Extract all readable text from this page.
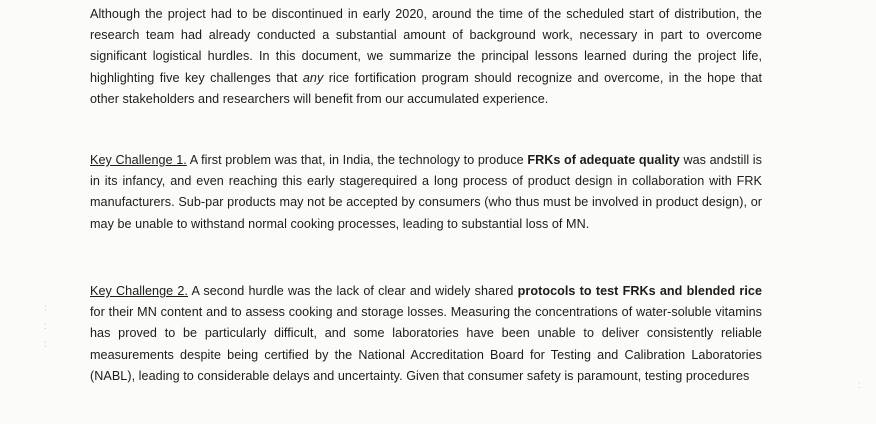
: : :
:

Although the project had to be discontinued in early 2020, around the time of the scheduled start of distribution, the research team had already conducted a substantial amount of background work, necessary in part to overcome significant logistical hurdles. In this document, we summarize the principal lessons learned during the project life, highlighting five key challenges that any rice fortification program should recognize and overcome, in the hope that other stakeholders and researchers will benefit from our accumulated experience.

Key Challenge 1. A first problem was that, in India, the technology to produce FRKs of adequate quality was andstill is in its infancy, and even reaching this early stagerequired a long process of product design in collaboration with FRK manufacturers. Sub-par products may not be accepted by consumers (who thus must be involved in product design), or may be unable to withstand normal cooking processes, leading to substantial loss of MN.

Key Challenge 2. A second hurdle was the lack of clear and widely shared protocols to test FRKs and blended rice for their MN content and to assess cooking and storage losses. Measuring the concentrations of water-soluble vitamins has proved to be particularly difficult, and some laboratories have been unable to deliver consistently reliable measurements despite being certified by the National Accreditation Board for Testing and Calibration Laboratories (NABL), leading to considerable delays and uncertainty. Given that consumer safety is paramount, testing procedures
